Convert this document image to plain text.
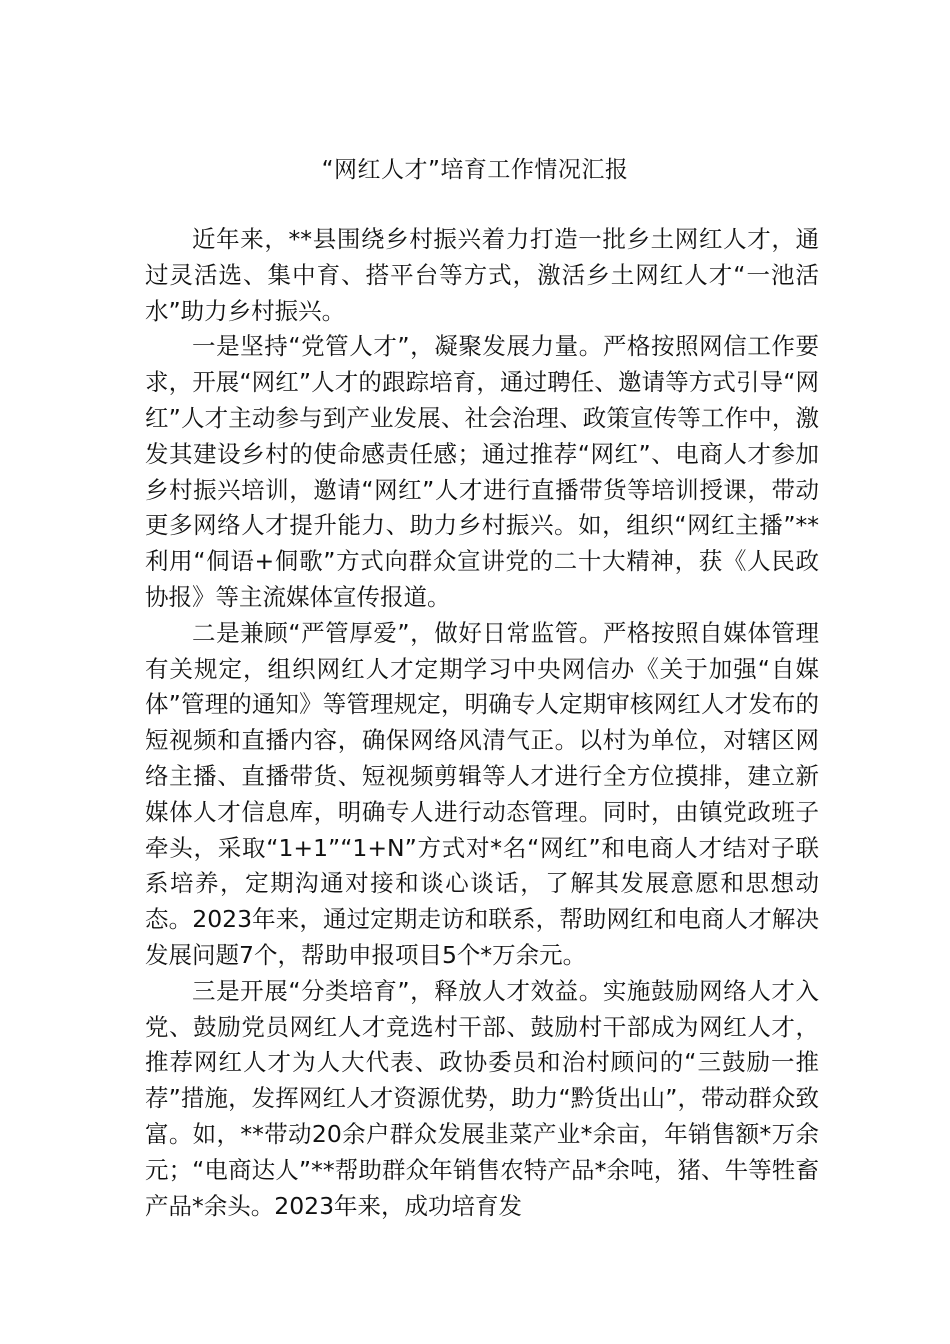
“网红人才”培育工作情况汇报

近年来，**县围绕乡村振兴着力打造一批乡土网红人才，通过灵活选、集中育、搭平台等方式，激活乡土网红人才“一池活水”助力乡村振兴。

一是坚持“党管人才”，凝聚发展力量。严格按照网信工作要求，开展“网红”人才的跟踪培育，通过聘任、邀请等方式引导“网红”人才主动参与到产业发展、社会治理、政策宣传等工作中，激发其建设乡村的使命感责任感；通过推荐“网红”、电商人才参加乡村振兴培训，邀请“网红”人才进行直播带货等培训授课，带动更多网络人才提升能力、助力乡村振兴。如，组织“网红主播”**利用“侗语+侗歌”方式向群众宣讲党的二十大精神，获《人民政协报》等主流媒体宣传报道。

二是兼顾“严管厚爱”，做好日常监管。严格按照自媒体管理有关规定，组织网红人才定期学习中央网信办《关于加强“自媒体”管理的通知》等管理规定，明确专人定期审核网红人才发布的短视频和直播内容，确保网络风清气正。以村为单位，对辖区网络主播、直播带货、短视频剪辑等人才进行全方位摸排，建立新媒体人才信息库，明确专人进行动态管理。同时，由镇党政班子牵头，采取“1+1”“1+N”方式对*名“网红”和电商人才结对子联系培养，定期沟通对接和谈心谈话，了解其发展意愿和思想动态。2023年来，通过定期走访和联系，帮助网红和电商人才解决发展问题7个，帮助申报项目5个*万余元。

三是开展“分类培育”，释放人才效益。实施鼓励网络人才入党、鼓励党员网红人才竞选村干部、鼓励村干部成为网红人才，推荐网红人才为人大代表、政协委员和治村顾问的“三鼓励一推荐”措施，发挥网红人才资源优势，助力“黔货出山”，带动群众致富。如，**带动20余户群众发展韭菜产业*余亩，年销售额*万余元；“电商达人”**帮助群众年销售农特产品*余吨，猪、牛等牲畜产品*余头。2023年来，成功培育发
